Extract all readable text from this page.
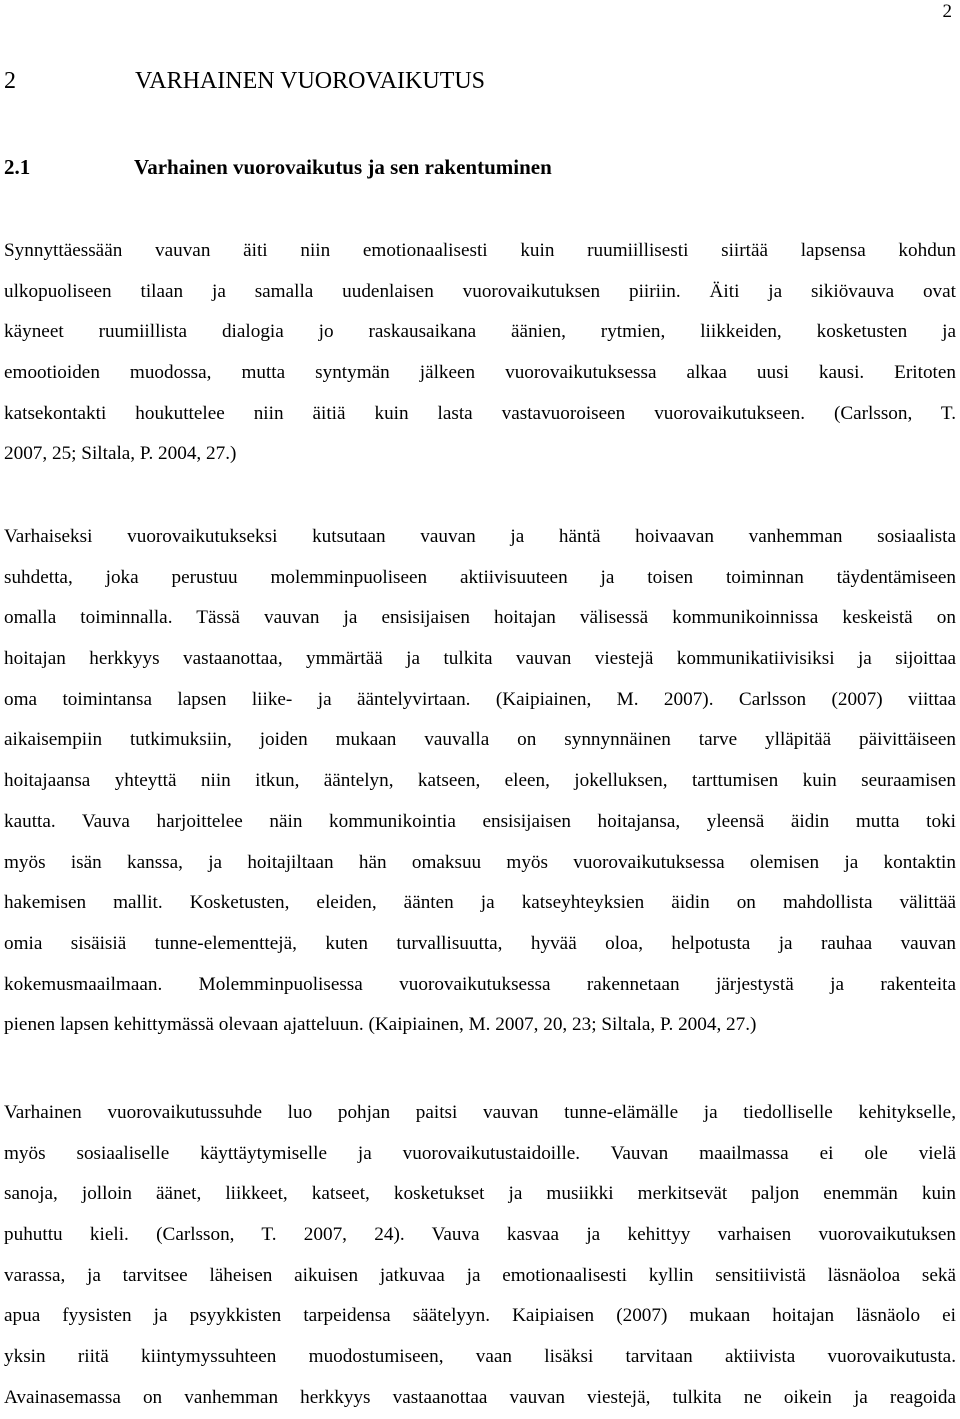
2
2	VARHAINEN VUOROVAIKUTUS
2.1	Varhainen vuorovaikutus ja sen rakentuminen

Synnyttäessään vauvan äiti niin emotionaalisesti kuin ruumiillisesti siirtää lapsensa kohdun
ulkopuoliseen tilaan ja samalla uudenlaisen vuorovaikutuksen piiriin. Äiti ja sikiövauva ovat
käyneet ruumiillista dialogia jo raskausaikana äänien, rytmien, liikkeiden, kosketusten ja
emootioiden muodossa, mutta syntymän jälkeen vuorovaikutuksessa alkaa uusi kausi. Eritoten
katsekontakti houkuttelee niin äitiä kuin lasta vastavuoroiseen vuorovaikutukseen. (Carlsson, T.
2007, 25; Siltala, P. 2004, 27.)

Varhaiseksi vuorovaikutukseksi kutsutaan vauvan ja häntä hoivaavan vanhemman sosiaalista
suhdetta, joka perustuu molemminpuoliseen aktiivisuuteen ja toisen toiminnan täydentämiseen
omalla toiminnalla. Tässä vauvan ja ensisijaisen hoitajan välisessä kommunikoinnissa keskeistä on
hoitajan herkkyys vastaanottaa, ymmärtää ja tulkita vauvan viestejä kommunikatiivisiksi ja sijoittaa
oma toimintansa lapsen liike- ja ääntelyvirtaan. (Kaipiainen, M. 2007). Carlsson (2007) viittaa
aikaisempiin tutkimuksiin, joiden mukaan vauvalla on synnynnäinen tarve ylläpitää päivittäiseen
hoitajaansa yhteyttä niin itkun, ääntelyn, katseen, eleen, jokelluksen, tarttumisen kuin seuraamisen
kautta. Vauva harjoittelee näin kommunikointia ensisijaisen hoitajansa, yleensä äidin mutta toki
myös isän kanssa, ja hoitajiltaan hän omaksuu myös vuorovaikutuksessa olemisen ja kontaktin
hakemisen mallit. Kosketusten, eleiden, äänten ja katseyhteyksien äidin on mahdollista välittää
omia sisäisiä tunne-elementtejä, kuten turvallisuutta, hyvää oloa, helpotusta ja rauhaa vauvan
kokemusmaailmaan. Molemminpuolisessa vuorovaikutuksessa rakennetaan järjestystä ja rakenteita
pienen lapsen kehittymässä olevaan ajatteluun. (Kaipiainen, M. 2007, 20, 23; Siltala, P. 2004, 27.)

Varhainen vuorovaikutussuhde luo pohjan paitsi vauvan tunne-elämälle ja tiedolliselle kehitykselle,
myös sosiaaliselle käyttäytymiselle ja vuorovaikutustaidoille. Vauvan maailmassa ei ole vielä
sanoja, jolloin äänet, liikkeet, katseet, kosketukset ja musiikki merkitsevät paljon enemmän kuin
puhuttu kieli. (Carlsson, T. 2007, 24). Vauva kasvaa ja kehittyy varhaisen vuorovaikutuksen
varassa, ja tarvitsee läheisen aikuisen jatkuvaa ja emotionaalisesti kyllin sensitiivistä läsnäoloa sekä
apua fyysisten ja psyykkisten tarpeidensa säätelyyn. Kaipiaisen (2007) mukaan hoitajan läsnäolo ei
yksin riitä kiintymyssuhteen muodostumiseen, vaan lisäksi tarvitaan aktiivista vuorovaikutusta.
Avainasemassa on vanhemman herkkyys vastaanottaa vauvan viestejä, tulkita ne oikein ja reagoida
